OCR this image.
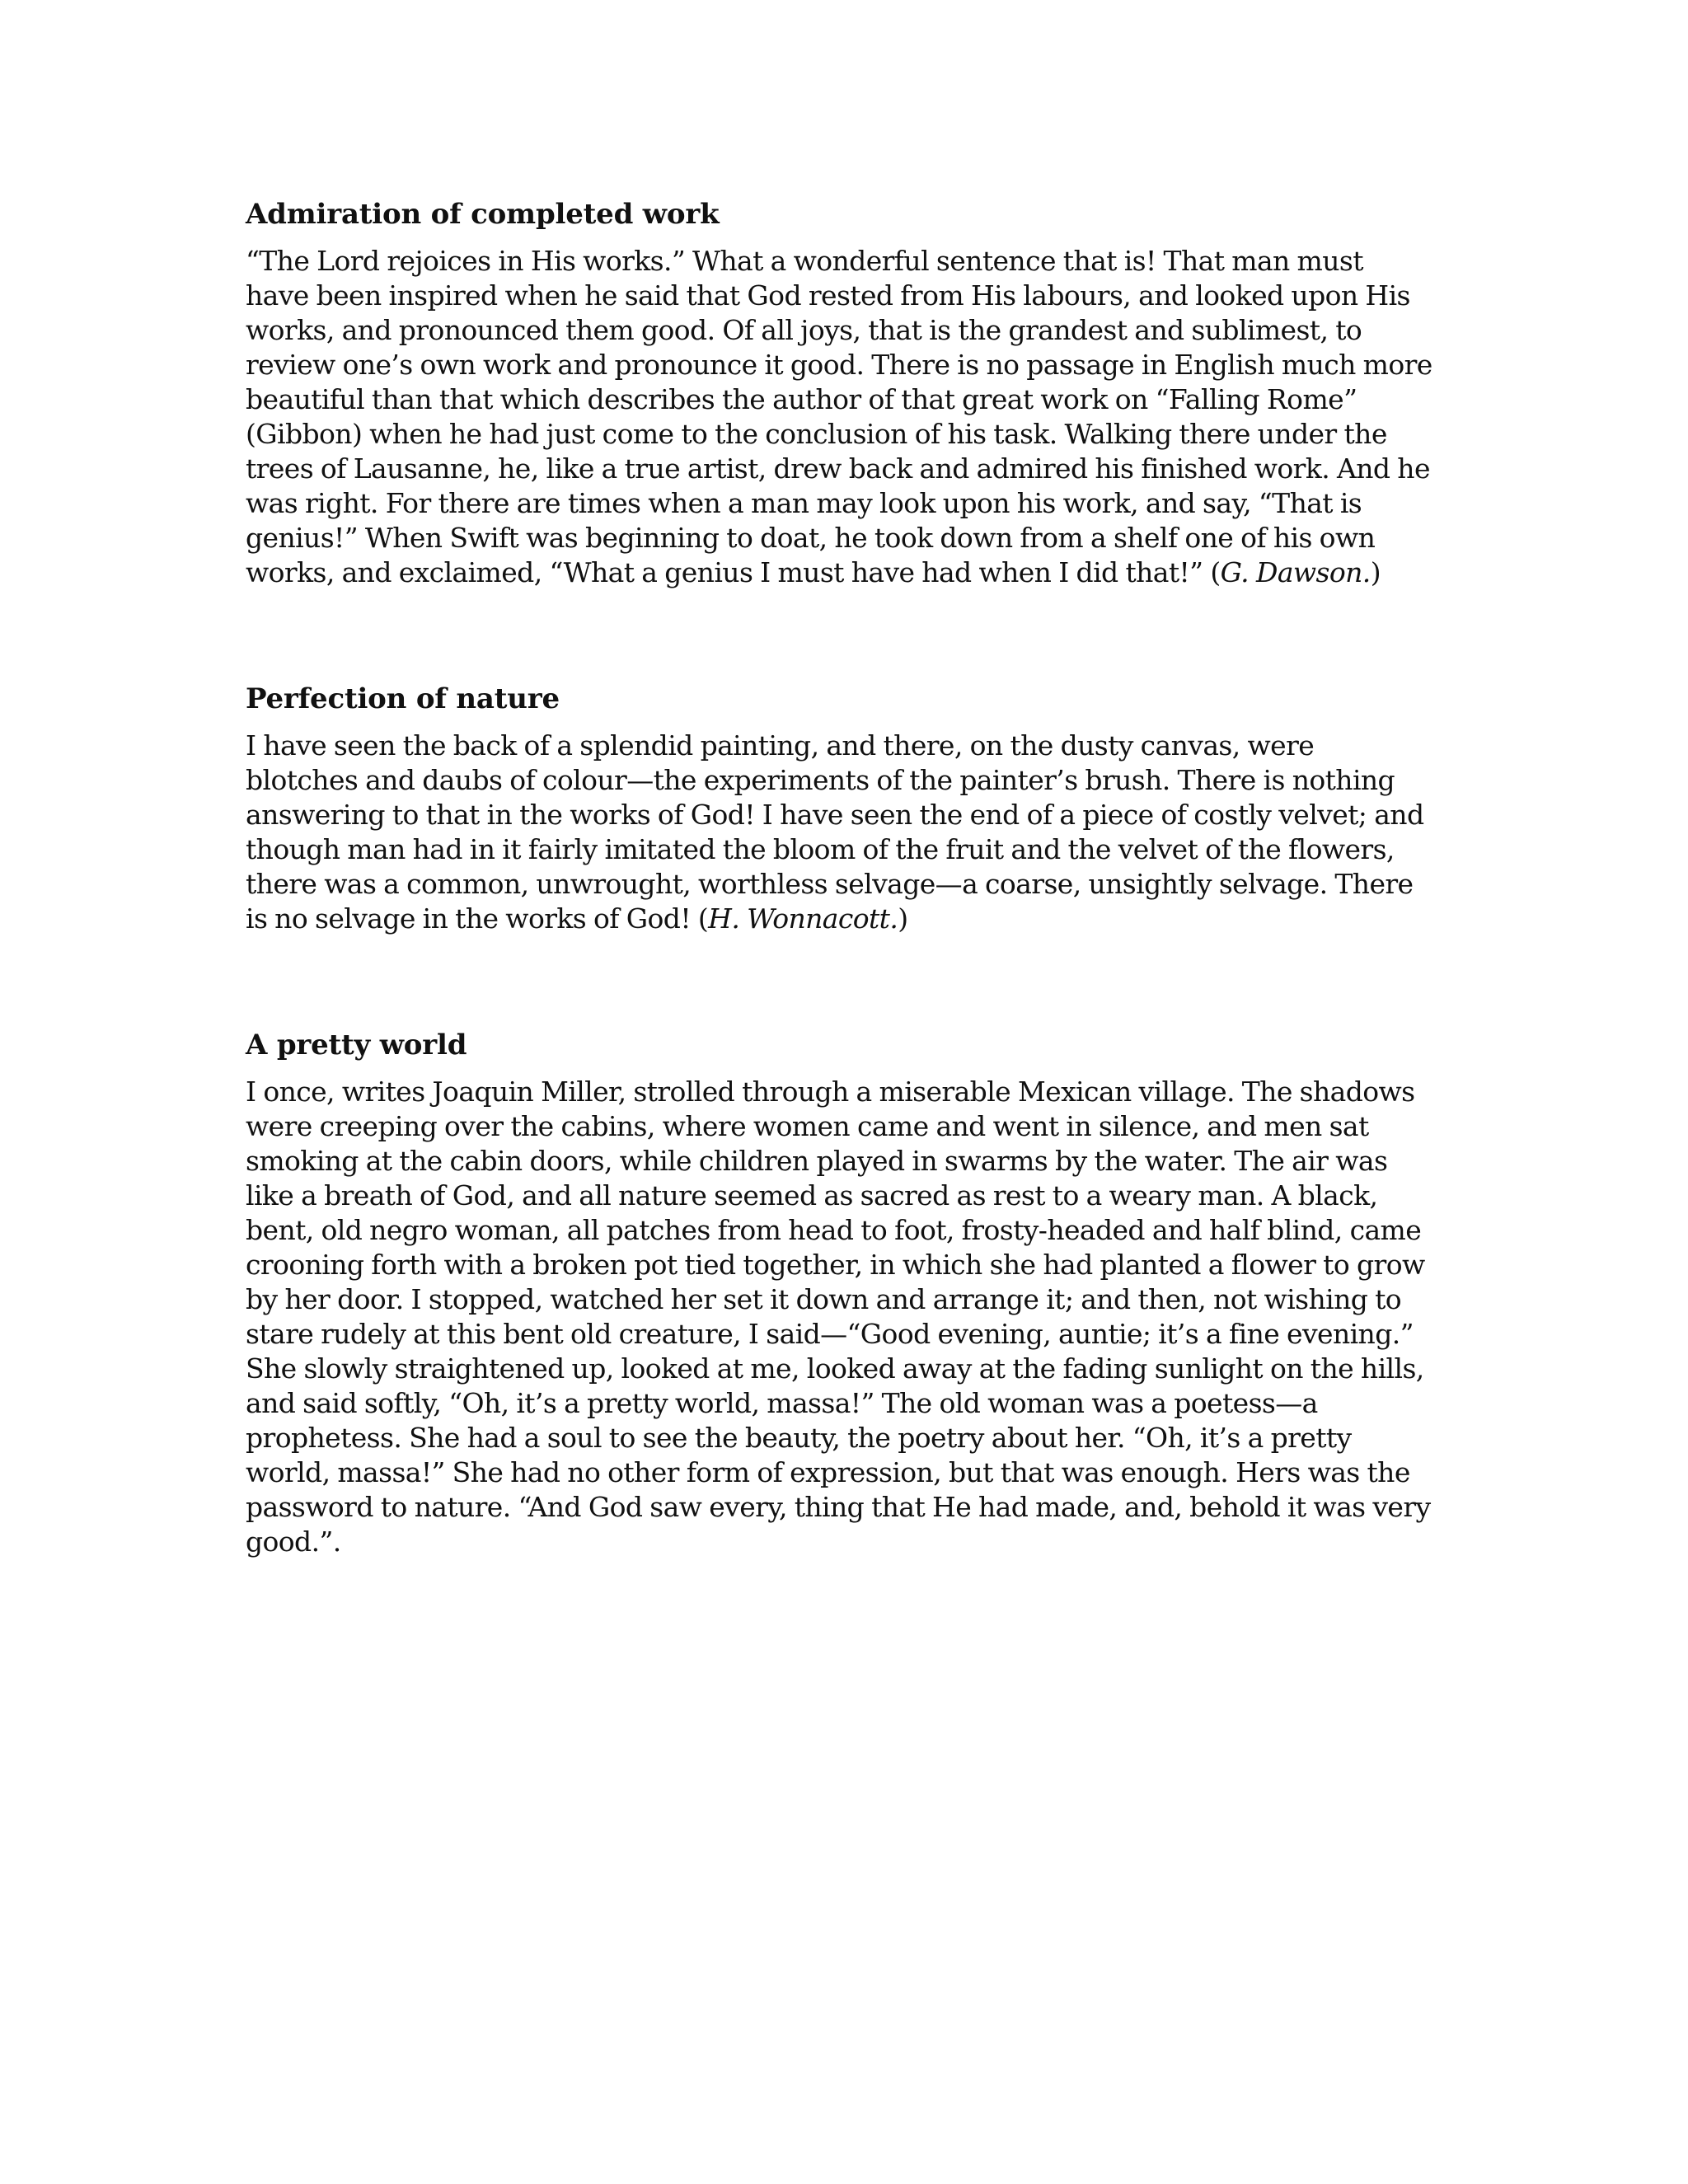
Admiration of completed work

“The Lord rejoices in His works.” What a wonderful sentence that is! That man must have been inspired when he said that God rested from His labours, and looked upon His works, and pronounced them good. Of all joys, that is the grandest and sublimest, to review one’s own work and pronounce it good. There is no passage in English much more beautiful than that which describes the author of that great work on “Falling Rome” (Gibbon) when he had just come to the conclusion of his task. Walking there under the trees of Lausanne, he, like a true artist, drew back and admired his finished work. And he was right. For there are times when a man may look upon his work, and say, “That is genius!” When Swift was beginning to doat, he took down from a shelf one of his own works, and exclaimed, “What a genius I must have had when I did that!” (G. Dawson.)

Perfection of nature

I have seen the back of a splendid painting, and there, on the dusty canvas, were blotches and daubs of colour—the experiments of the painter’s brush. There is nothing answering to that in the works of God! I have seen the end of a piece of costly velvet; and though man had in it fairly imitated the bloom of the fruit and the velvet of the flowers, there was a common, unwrought, worthless selvage—a coarse, unsightly selvage. There is no selvage in the works of God! (H. Wonnacott.)

A pretty world

I once, writes Joaquin Miller, strolled through a miserable Mexican village. The shadows were creeping over the cabins, where women came and went in silence, and men sat smoking at the cabin doors, while children played in swarms by the water. The air was like a breath of God, and all nature seemed as sacred as rest to a weary man. A black, bent, old negro woman, all patches from head to foot, frosty-headed and half blind, came crooning forth with a broken pot tied together, in which she had planted a flower to grow by her door. I stopped, watched her set it down and arrange it; and then, not wishing to stare rudely at this bent old creature, I said—“Good evening, auntie; it’s a fine evening.” She slowly straightened up, looked at me, looked away at the fading sunlight on the hills, and said softly, “Oh, it’s a pretty world, massa!” The old woman was a poetess—a prophetess. She had a soul to see the beauty, the poetry about her. “Oh, it’s a pretty world, massa!” She had no other form of expression, but that was enough. Hers was the password to nature. “And God saw every, thing that He had made, and, behold it was very good.”.
